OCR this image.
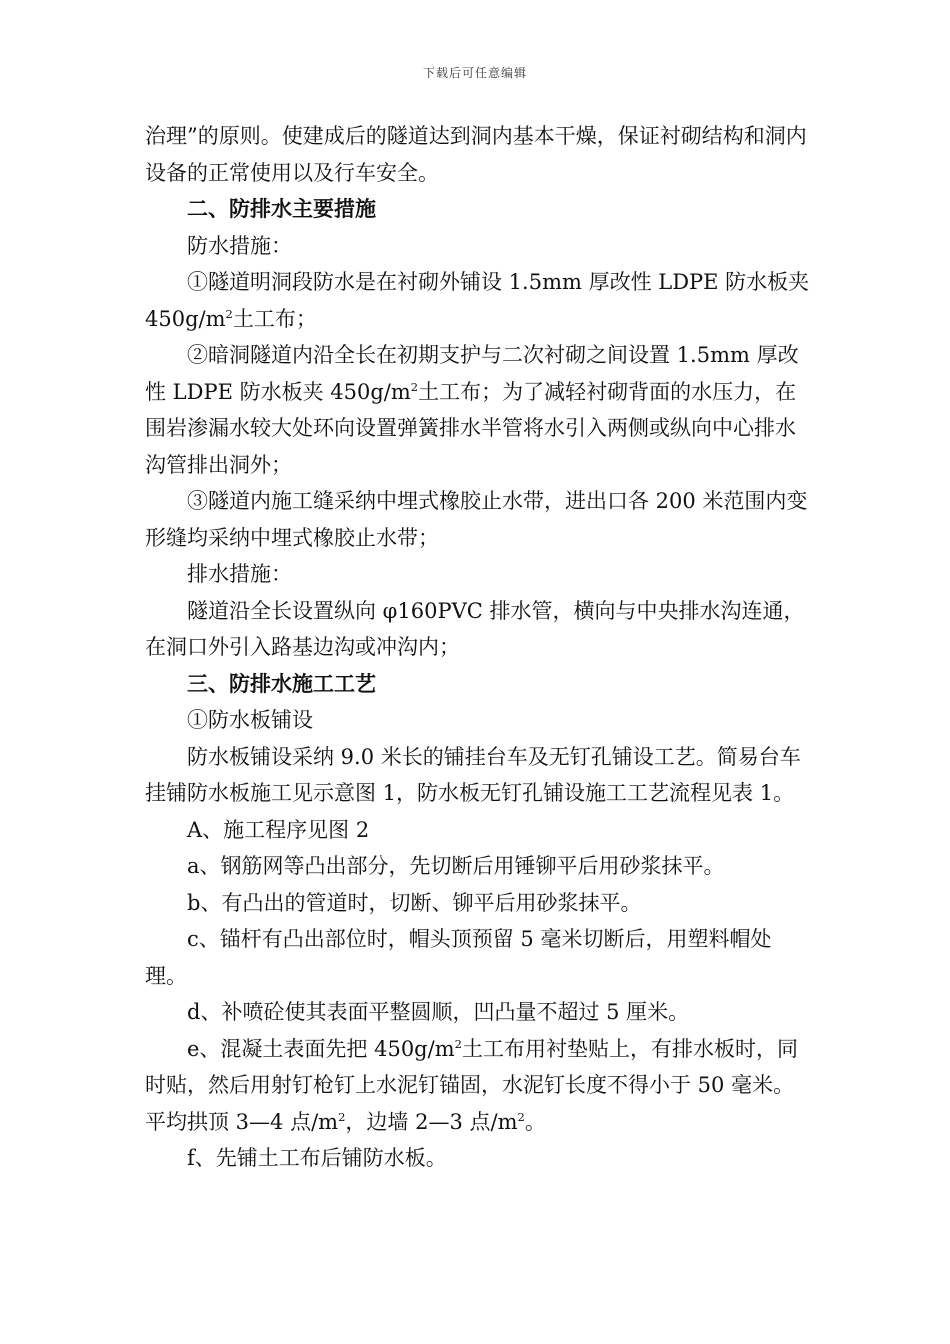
下载后可任意编辑

治理”的原则。使建成后的隧道达到洞内基本干燥，保证衬砌结构和洞内设备的正常使用以及行车安全。

二、防排水主要措施

防水措施：

①隧道明洞段防水是在衬砌外铺设 1.5mm 厚改性 LDPE 防水板夹 $450g/m^2$土工布；

②暗洞隧道内沿全长在初期支护与二次衬砌之间设置 1.5mm 厚改性 LDPE 防水板夹 $450g/m^2$土工布；为了减轻衬砌背面的水压力，在围岩渗漏水较大处环向设置弹簧排水半管将水引入两侧或纵向中心排水沟管排出洞外；

③隧道内施工缝采纳中埋式橡胶止水带，进出口各 200 米范围内变形缝均采纳中埋式橡胶止水带；

排水措施：

隧道沿全长设置纵向 φ160PVC 排水管，横向与中央排水沟连通，在洞口外引入路基边沟或冲沟内；

三、防排水施工工艺

①防水板铺设

防水板铺设采纳 9.0 米长的铺挂台车及无钉孔铺设工艺。简易台车挂铺防水板施工见示意图 1，防水板无钉孔铺设施工工艺流程见表 1。

A、施工程序见图 2

a、钢筋网等凸出部分，先切断后用锤铆平后用砂浆抹平。

b、有凸出的管道时，切断、铆平后用砂浆抹平。

c、锚杆有凸出部位时，帽头顶预留 5 毫米切断后，用塑料帽处理。

d、补喷砼使其表面平整圆顺，凹凸量不超过 5 厘米。

e、混凝土表面先把 $450g/m^2$土工布用衬垫贴上，有排水板时，同时贴，然后用射钉枪钉上水泥钉锚固，水泥钉长度不得小于 50 毫米。平均拱顶 3—4 点$/m^2$，边墙 2—3 点$/m^2$。

f、先铺土工布后铺防水板。
